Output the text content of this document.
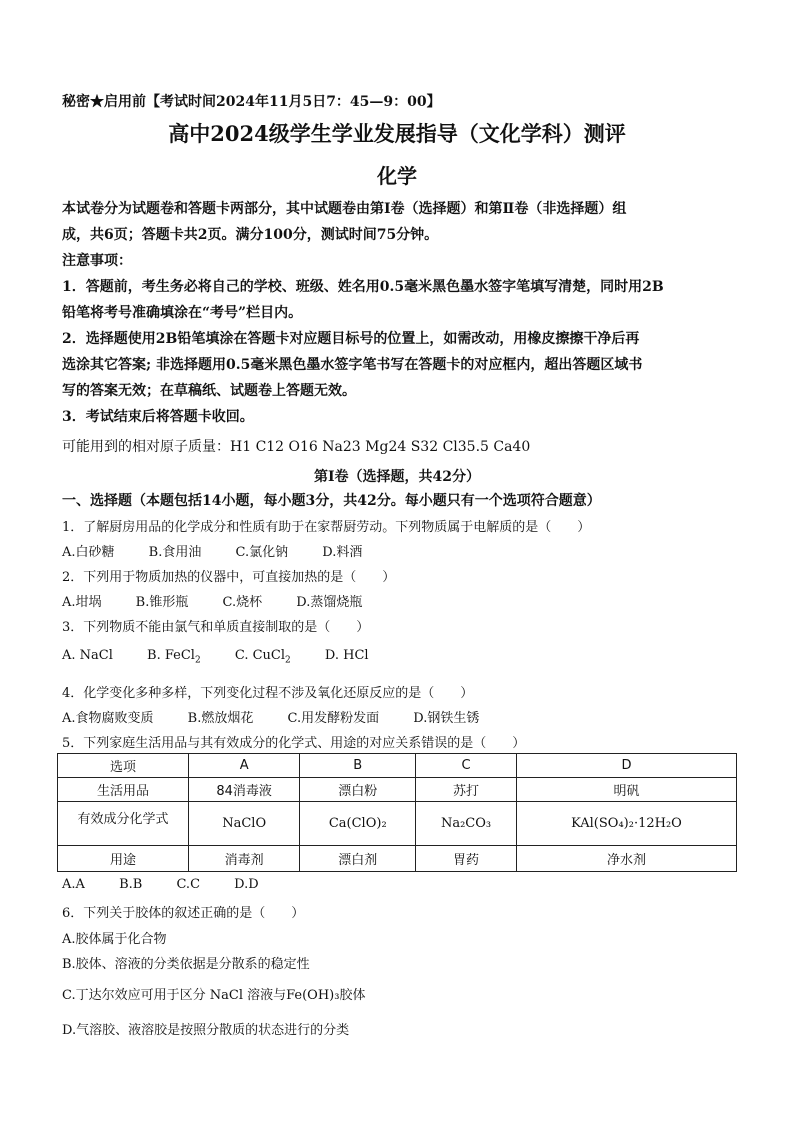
秘密★启用前【考试时间2024年11月5日7：45—9：00】
高中2024级学生学业发展指导（文化学科）测评
化学
本试卷分为试题卷和答题卡两部分，其中试题卷由第Ⅰ卷（选择题）和第Ⅱ卷（非选择题）组
成，共6页；答题卡共2页。满分100分，测试时间75分钟。
注意事项：
1．答题前，考生务必将自己的学校、班级、姓名用0.5毫米黑色墨水签字笔填写清楚，同时用2B
铅笔将考号准确填涂在“考号”栏目内。
2．选择题使用2B铅笔填涂在答题卡对应题目标号的位置上，如需改动，用橡皮擦擦干净后再
选涂其它答案; 非选择题用0.5毫米黑色墨水签字笔书写在答题卡的对应框内，超出答题区域书
写的答案无效；在草稿纸、试题卷上答题无效。
3．考试结束后将答题卡收回。
可能用到的相对原子质量：H1 C12 O16 Na23 Mg24 S32 Cl35.5 Ca40
第Ⅰ卷（选择题，共42分）
一、选择题（本题包括14小题，每小题3分，共42分。每小题只有一个选项符合题意）
1．了解厨房用品的化学成分和性质有助于在家帮厨劳动。下列物质属于电解质的是（　　）
A.白砂糖	B.食用油	C.氯化钠	D.料酒
2．下列用于物质加热的仪器中，可直接加热的是（　　）
A.坩埚	B.锥形瓶	C.烧杯	D.蒸馏烧瓶
3．下列物质不能由氯气和单质直接制取的是（　　）
A. NaCl	B. FeCl$_2$	C. CuCl$_2$	D. HCl
4．化学变化多种多样，下列变化过程不涉及氧化还原反应的是（　　）
A.食物腐败变质	B.燃放烟花	C.用发酵粉发面	D.钢铁生锈
5．下列家庭生活用品与其有效成分的化学式、用途的对应关系错误的是（　　）
选项	A	B	C	D
生活用品	84消毒液	漂白粉	苏打	明矾
有效成分化学式	NaClO	Ca(ClO)₂	Na₂CO₃	KAl(SO₄)₂·12H₂O
用途	消毒剂	漂白剂	胃药	净水剂
A.A	B.B	C.C	D.D
6．下列关于胶体的叙述正确的是（　　）
A.胶体属于化合物
B.胶体、溶液的分类依据是分散系的稳定性
C.丁达尔效应可用于区分 NaCl 溶液与Fe(OH)₃胶体
D.气溶胶、液溶胶是按照分散质的状态进行的分类
